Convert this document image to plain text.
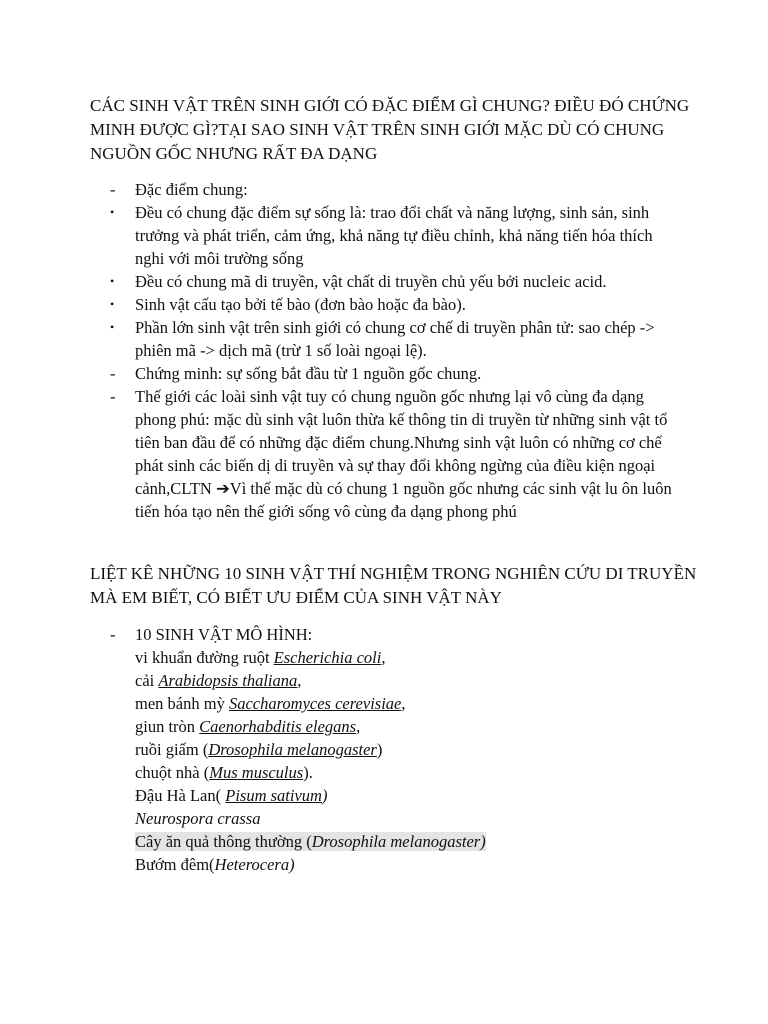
CÁC SINH VẬT TRÊN SINH GIỚI CÓ ĐẶC ĐIỂM GÌ CHUNG? ĐIỀU ĐÓ CHỨNG MINH ĐƯỢC GÌ?TẠI SAO SINH VẬT TRÊN SINH GIỚI MẶC DÙ CÓ CHUNG NGUỒN GỐC NHƯNG RẤT ĐA DẠNG
-	Đặc điểm chung:
•	Đều có chung đặc điểm sự sống là: trao đổi chất và năng lượng, sinh sản, sinh trưởng và phát triển, cảm ứng, khả năng tự điều chỉnh, khả năng tiến hóa thích nghi với môi trường sống
•	Đều có chung mã di truyền, vật chất di truyền chủ yếu bởi nucleic acid.
•	Sinh vật cấu tạo bởi tế bào (đơn bào hoặc đa bào).
•	Phần lớn sinh vật trên sinh giới có chung cơ chế di truyền phân tử: sao chép -> phiên mã -> dịch mã (trừ 1 số loài ngoại lệ).
-	Chứng minh: sự sống bắt đầu từ 1 nguồn gốc chung.
-	Thế giới các loài sinh vật tuy có chung nguồn gốc nhưng lại vô cùng đa dạng phong phú: mặc dù sinh vật luôn thừa kế thông tin di truyền từ những sinh vật tổ tiên ban đầu để có những đặc điểm chung.Nhưng sinh vật luôn có những cơ chế phát sinh các biến dị di truyền và sự thay đổi không ngừng của điều kiện ngoại cảnh,CLTN ➔Vì thế mặc dù có chung 1 nguồn gốc nhưng các sinh vật lu ôn luôn tiến hóa tạo nên thế giới sống vô cùng đa dạng phong phú
LIỆT KÊ NHỮNG 10 SINH VẬT THÍ NGHIỆM TRONG NGHIÊN CỨU DI TRUYỀN MÀ EM BIẾT, CÓ BIẾT ƯU ĐIỂM CỦA SINH VẬT NÀY
-	10 SINH VẬT MÔ HÌNH:
vi khuẩn đường ruột Escherichia coli,
cải Arabidopsis thaliana,
men bánh mỳ Saccharomyces cerevisiae,
giun tròn Caenorhabditis elegans,
ruồi giấm (Drosophila melanogaster)
chuột nhà (Mus musculus).
Đậu Hà Lan( Pisum sativum)
Neurospora crassa
Cây ăn quả thông thường (Drosophila melanogaster)
Bướm đêm(Heterocera)
